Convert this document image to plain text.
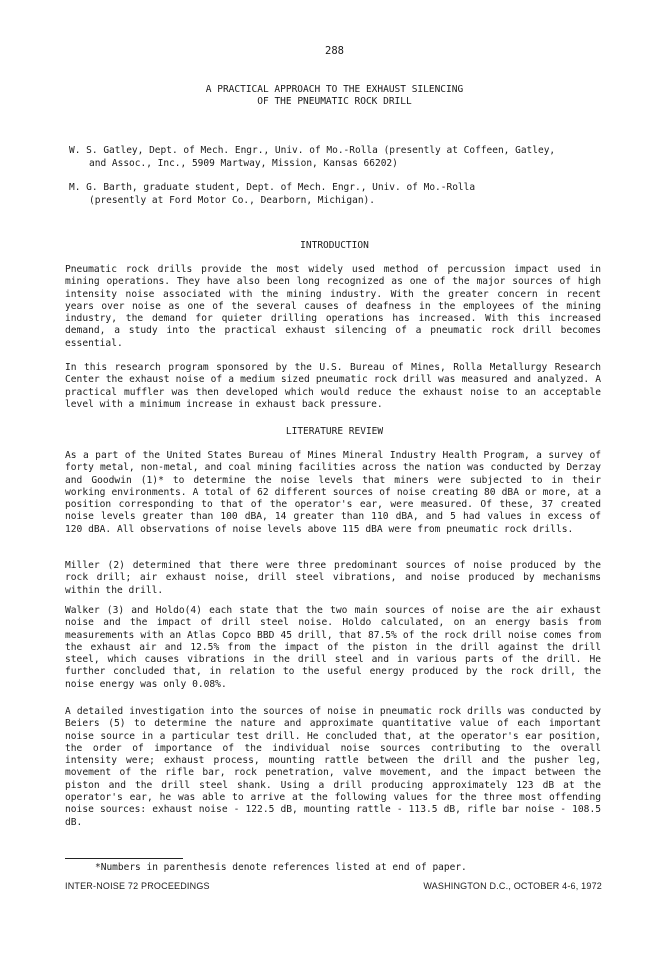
288
A PRACTICAL APPROACH TO THE EXHAUST SILENCING
OF THE PNEUMATIC ROCK DRILL
W. S. Gatley, Dept. of Mech. Engr., Univ. of Mo.-Rolla (presently at Coffeen, Gatley,
and Assoc., Inc., 5909 Martway, Mission, Kansas 66202)
M. G. Barth, graduate student, Dept. of Mech. Engr., Univ. of Mo.-Rolla
(presently at Ford Motor Co., Dearborn, Michigan).
INTRODUCTION

Pneumatic rock drills provide the most widely used method of percussion impact used in mining operations. They have also been long recognized as one of the major sources of high intensity noise associated with the mining industry. With the greater concern in recent years over noise as one of the several causes of deafness in the employees of the mining industry, the demand for quieter drilling operations has increased. With this increased demand, a study into the practical exhaust silencing of a pneumatic rock drill becomes essential.

In this research program sponsored by the U.S. Bureau of Mines, Rolla Metallurgy Research Center the exhaust noise of a medium sized pneumatic rock drill was measured and analyzed. A practical muffler was then developed which would reduce the exhaust noise to an acceptable level with a minimum increase in exhaust back pressure.

LITERATURE REVIEW

As a part of the United States Bureau of Mines Mineral Industry Health Program, a survey of forty metal, non-metal, and coal mining facilities across the nation was conducted by Derzay and Goodwin (1)* to determine the noise levels that miners were subjected to in their working environments. A total of 62 different sources of noise creating 80 dBA or more, at a position corresponding to that of the operator's ear, were measured. Of these, 37 created noise levels greater than 100 dBA, 14 greater than 110 dBA, and 5 had values in excess of 120 dBA. All observations of noise levels above 115 dBA were from pneumatic rock drills.

Miller (2) determined that there were three predominant sources of noise produced by the rock drill; air exhaust noise, drill steel vibrations, and noise produced by mechanisms within the drill.

Walker (3) and Holdo(4) each state that the two main sources of noise are the air exhaust noise and the impact of drill steel noise. Holdo calculated, on an energy basis from measurements with an Atlas Copco BBD 45 drill, that 87.5% of the rock drill noise comes from the exhaust air and 12.5% from the impact of the piston in the drill against the drill steel, which causes vibrations in the drill steel and in various parts of the drill. He further concluded that, in relation to the useful energy produced by the rock drill, the noise energy was only 0.08%.

A detailed investigation into the sources of noise in pneumatic rock drills was conducted by Beiers (5) to determine the nature and approximate quantitative value of each important noise source in a particular test drill. He concluded that, at the operator's ear position, the order of importance of the individual noise sources contributing to the overall intensity were; exhaust process, mounting rattle between the drill and the pusher leg, movement of the rifle bar, rock penetration, valve movement, and the impact between the piston and the drill steel shank. Using a drill producing approximately 123 dB at the operator's ear, he was able to arrive at the following values for the three most offending noise sources: exhaust noise - 122.5 dB, mounting rattle - 113.5 dB, rifle bar noise - 108.5 dB.

*Numbers in parenthesis denote references listed at end of paper.
INTER-NOISE 72 PROCEEDINGS	WASHINGTON D.C., OCTOBER 4-6, 1972
